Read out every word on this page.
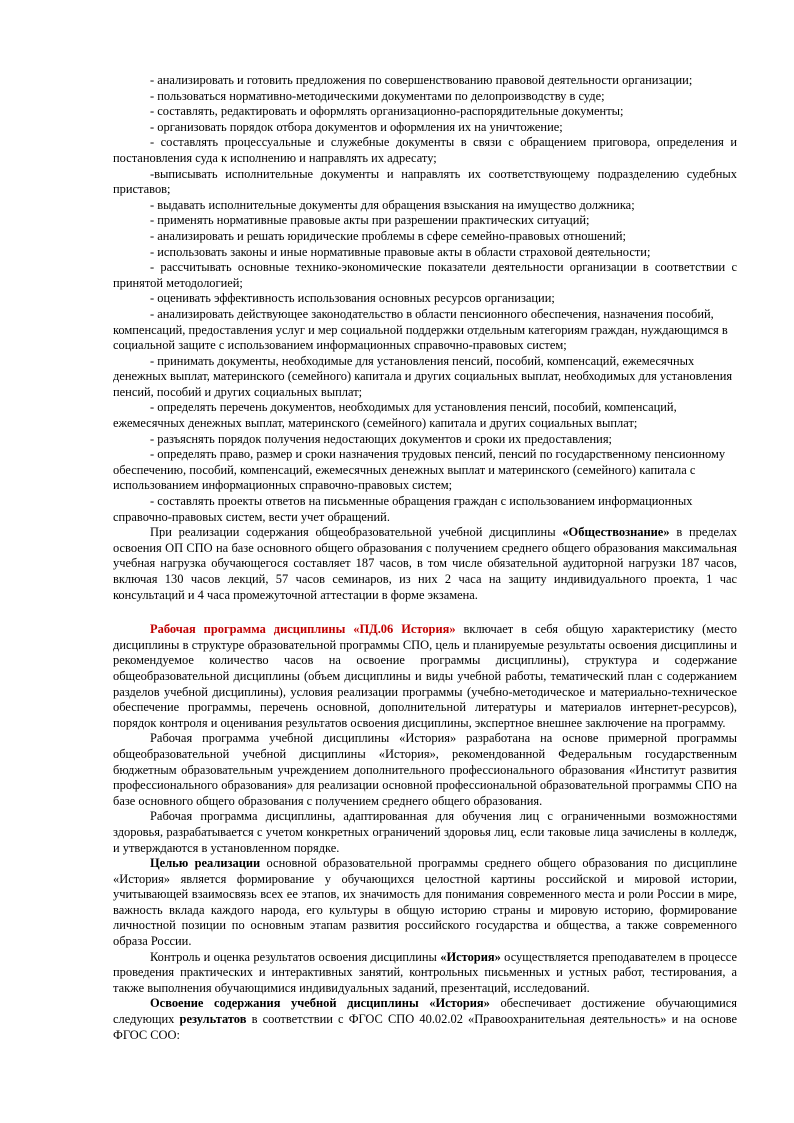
- анализировать и готовить предложения по совершенствованию правовой деятельности организации;

- пользоваться нормативно-методическими документами по делопроизводству в суде;

- составлять, редактировать и оформлять организационно-распорядительные документы;

- организовать порядок отбора документов и оформления их на уничтожение;

- составлять процессуальные и служебные документы в связи с обращением приговора, определения и постановления суда к исполнению и направлять их адресату;

-выписывать исполнительные документы и направлять их соответствующему подразделению судебных приставов;

- выдавать исполнительные документы для обращения взыскания на имущество должника;

- применять нормативные правовые акты при разрешении практических ситуаций;

- анализировать и решать юридические проблемы в сфере семейно-правовых отношений;

- использовать законы и иные нормативные правовые акты в области страховой деятельности;

- рассчитывать основные технико-экономические показатели деятельности организации в соответствии с принятой методологией;

- оценивать эффективность использования основных ресурсов организации;

- анализировать действующее законодательство в области пенсионного обеспечения, назначения пособий, компенсаций, предоставления услуг и мер социальной поддержки отдельным категориям граждан, нуждающимся в социальной защите с использованием информационных справочно-правовых систем;

- принимать документы, необходимые для установления пенсий, пособий, компенсаций, ежемесячных денежных выплат, материнского (семейного) капитала и других социальных выплат, необходимых для установления пенсий, пособий и других социальных выплат;

- определять перечень документов, необходимых для установления пенсий, пособий, компенсаций, ежемесячных денежных выплат, материнского (семейного) капитала и других социальных выплат;

- разъяснять порядок получения недостающих документов и сроки их предоставления;

- определять право, размер и сроки назначения трудовых пенсий, пенсий по государственному пенсионному обеспечению, пособий, компенсаций, ежемесячных денежных выплат и материнского (семейного) капитала с использованием информационных справочно-правовых систем;

- составлять проекты ответов на письменные обращения граждан с использованием информационных справочно-правовых систем, вести учет обращений.

При реализации содержания общеобразовательной учебной дисциплины «Обществознание» в пределах освоения ОП СПО на базе основного общего образования с получением среднего общего образования максимальная учебная нагрузка обучающегося составляет 187 часов, в том числе обязательной аудиторной нагрузки 187 часов, включая 130 часов лекций, 57 часов семинаров, из них 2 часа на защиту индивидуального проекта, 1 час консультаций и 4 часа промежуточной аттестации в форме экзамена.

Рабочая программа дисциплины «ПД.06 История» включает в себя общую характеристику (место дисциплины в структуре образовательной программы СПО, цель и планируемые результаты освоения дисциплины и рекомендуемое количество часов на освоение программы дисциплины), структура и содержание общеобразовательной дисциплины (объем дисциплины и виды учебной работы, тематический план с содержанием разделов учебной дисциплины), условия реализации программы (учебно-методическое и материально-техническое обеспечение программы, перечень основной, дополнительной литературы и материалов интернет-ресурсов), порядок контроля и оценивания результатов освоения дисциплины, экспертное внешнее заключение на программу.

Рабочая программа учебной дисциплины «История» разработана на основе примерной программы общеобразовательной учебной дисциплины «История», рекомендованной Федеральным государственным бюджетным образовательным учреждением дополнительного профессионального образования «Институт развития профессионального образования» для реализации основной профессиональной образовательной программы СПО на базе основного общего образования с получением среднего общего образования.

Рабочая программа дисциплины, адаптированная для обучения лиц с ограниченными возможностями здоровья, разрабатывается с учетом конкретных ограничений здоровья лиц, если таковые лица зачислены в колледж, и утверждаются в установленном порядке.

Целью реализации основной образовательной программы среднего общего образования по дисциплине «История» является формирование у обучающихся целостной картины российской и мировой истории, учитывающей взаимосвязь всех ее этапов, их значимость для понимания современного места и роли России в мире, важность вклада каждого народа, его культуры в общую историю страны и мировую историю, формирование личностной позиции по основным этапам развития российского государства и общества, а также современного образа России.

Контроль и оценка результатов освоения дисциплины «История» осуществляется преподавателем в процессе проведения практических и интерактивных занятий, контрольных письменных и устных работ, тестирования, а также выполнения обучающимися индивидуальных заданий, презентаций, исследований.

Освоение содержания учебной дисциплины «История» обеспечивает достижение обучающимися следующих результатов в соответствии с ФГОС СПО 40.02.02 «Правоохранительная деятельность» и на основе ФГОС СОО:
